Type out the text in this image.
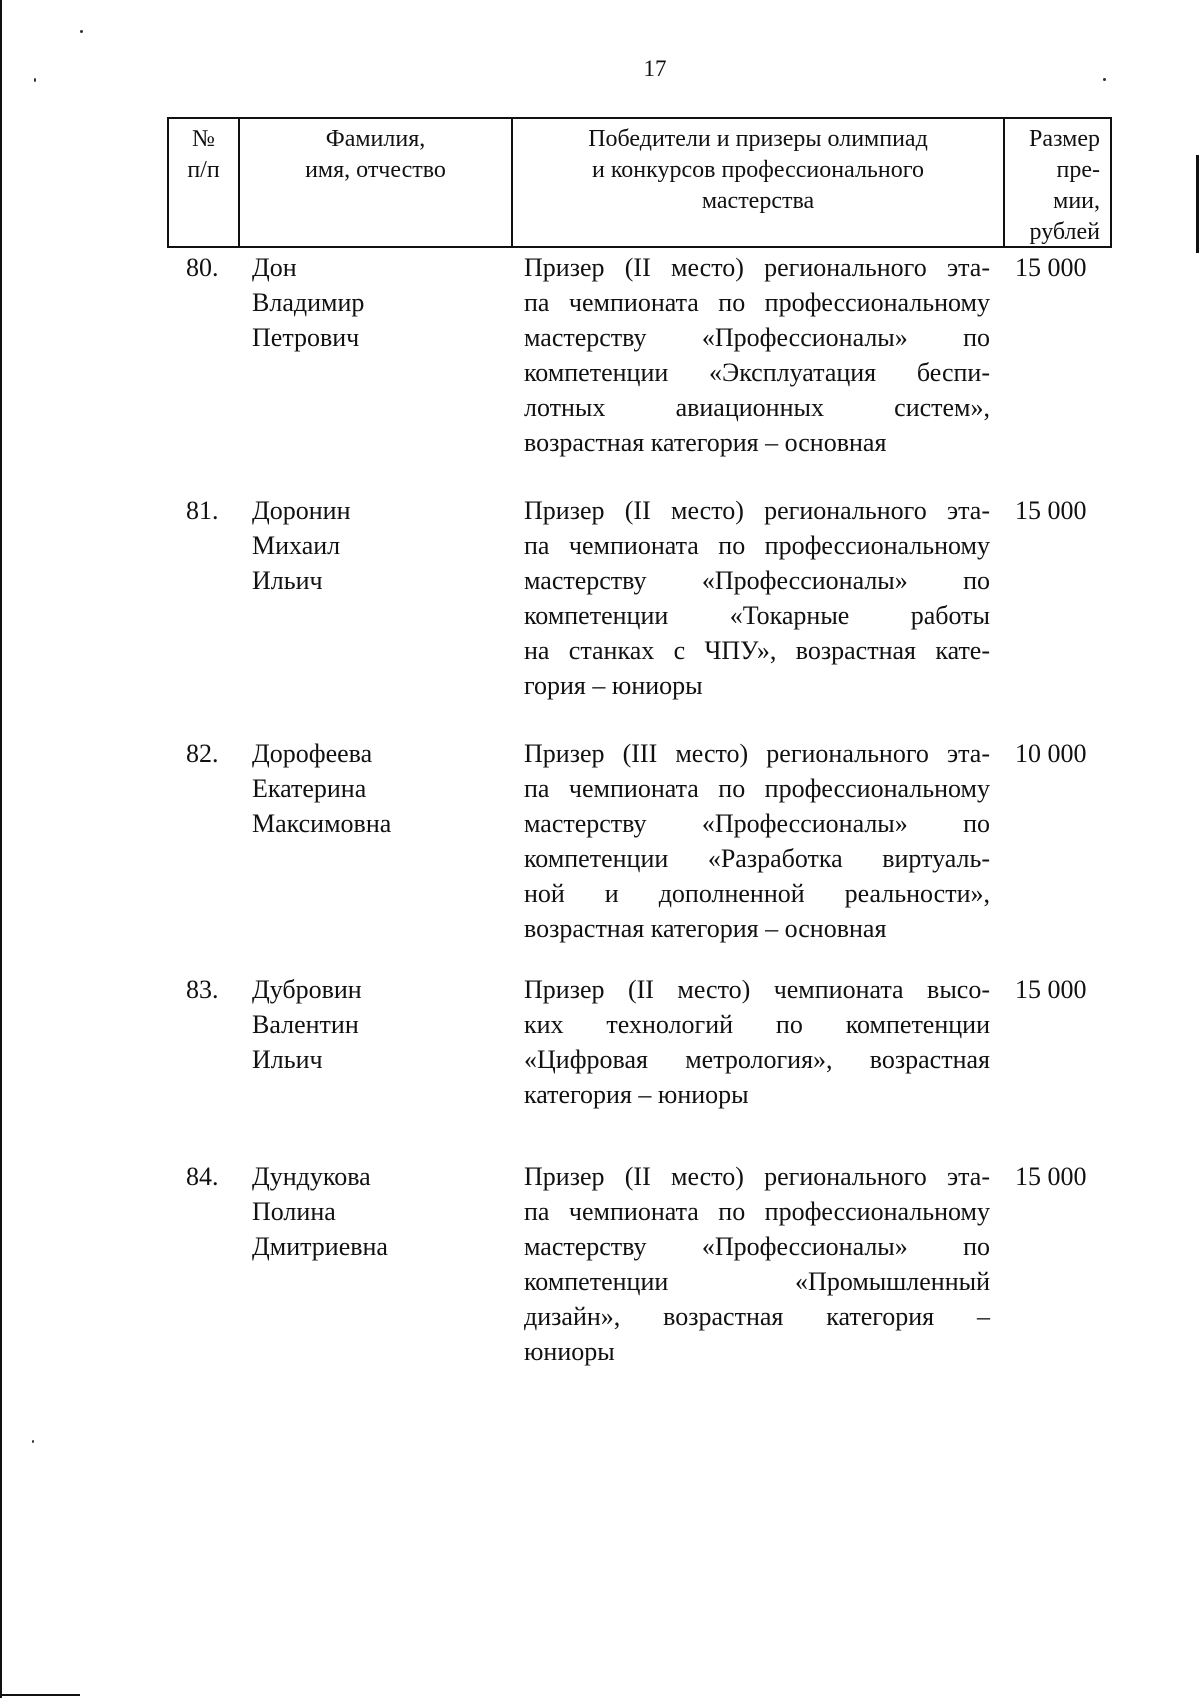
17
№
п/п
Фамилия,
имя, отчество
Победители и призеры олимпиад
и конкурсов профессионального
мастерства
Размер
пре-
мии,
рублей
80. Дон
Владимир
Петрович
Призер (II место) регионального эта-
па чемпионата по профессиональному
мастерству «Профессионалы» по
компетенции «Эксплуатация беспи-
лотных авиационных систем»,
возрастная категория – основная
15 000
81. Доронин
Михаил
Ильич
Призер (II место) регионального эта-
па чемпионата по профессиональному
мастерству «Профессионалы» по
компетенции «Токарные работы
на станках с ЧПУ», возрастная кате-
гория – юниоры
15 000
82. Дорофеева
Екатерина
Максимовна
Призер (III место) регионального эта-
па чемпионата по профессиональному
мастерству «Профессионалы» по
компетенции «Разработка виртуаль-
ной и дополненной реальности»,
возрастная категория – основная
10 000
83. Дубровин
Валентин
Ильич
Призер (II место) чемпионата высо-
ких технологий по компетенции
«Цифровая метрология», возрастная
категория – юниоры
15 000
84. Дундукова
Полина
Дмитриевна
Призер (II место) регионального эта-
па чемпионата по профессиональному
мастерству «Профессионалы» по
компетенции «Промышленный
дизайн», возрастная категория –
юниоры
15 000
